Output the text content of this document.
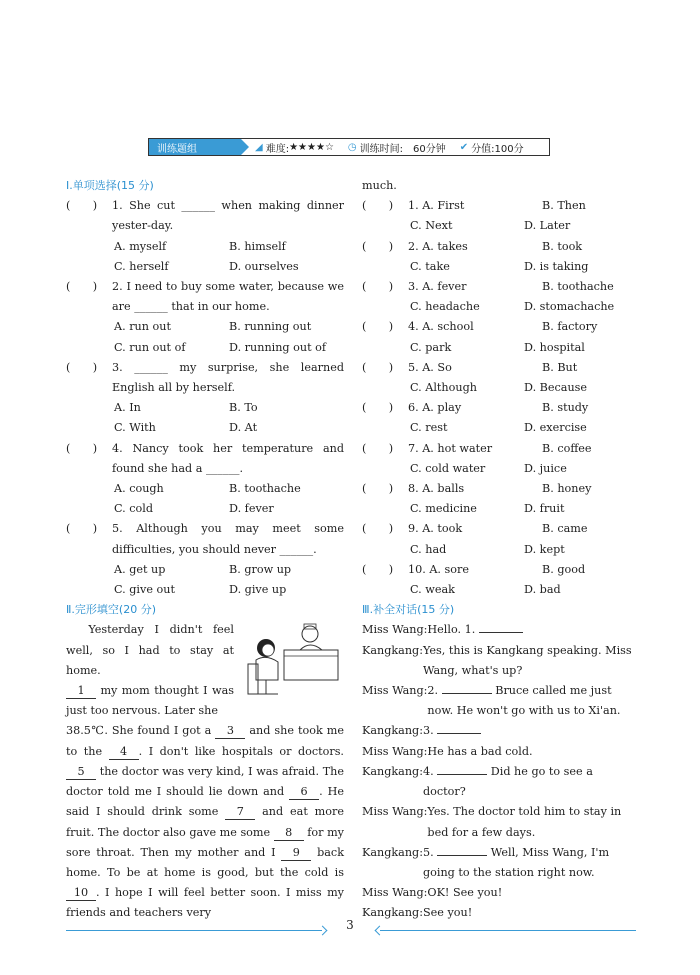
训练题组	◢ 难度: ★★★★☆ ◷ 训练时间: 60分钟 ✔ 分值: 100分
Ⅰ.单项选择(15 分)
(　　)	1. She cut ______ when making dinner yester-day.
A. myself	B. himself
C. herself	D. ourselves
(　　)	2. I need to buy some water, because we are ______ that in our home.
A. run out	B. running out
C. run out of	D. running out of
(　　)	3. ______ my surprise, she learned English all by herself.
A. In	B. To
C. With	D. At
(　　)	4. Nancy took her temperature and found she had a ______.
A. cough	B. toothache
C. cold	D. fever
(　　)	5. Although you may meet some difficulties, you should never ______.
A. get up	B. grow up
C. give out	D. give up
Ⅱ.完形填空(20 分)
Yesterday I didn't feel well, so I had to stay at home.
1 my mom thought I was just too nervous. Later she
38.5℃. She found I got a 3 and she took me to the 4 . I don't like hospitals or doctors. 5 the doctor was very kind, I was afraid. The doctor told me I should lie down and 6 . He said I should drink some 7 and eat more fruit. The doctor also gave me some 8 for my sore throat. Then my mother and I 9 back home. To be at home is good, but the cold is 10 . I hope I will feel better soon. I miss my friends and teachers very
much.
(　　)	1. A. First	B. Then
C. Next	D. Later
(　　)	2. A. takes	B. took
C. take	D. is taking
(　　)	3. A. fever	B. toothache
C. headache	D. stomachache
(　　)	4. A. school	B. factory
C. park	D. hospital
(　　)	5. A. So	B. But
C. Although	D. Because
(　　)	6. A. play	B. study
C. rest	D. exercise
(　　)	7. A. hot water	B. coffee
C. cold water	D. juice
(　　)	8. A. balls	B. honey
C. medicine	D. fruit
(　　)	9. A. took	B. came
C. had	D. kept
(　　)	10. A. sore	B. good
C. weak	D. bad
Ⅲ.补全对话(15 分)
Miss Wang: Hello. 1.
Kangkang: Yes, this is Kangkang speaking. Miss Wang, what's up?
Miss Wang: 2.	Bruce called me just now. He won't go with us to Xi'an.
Kangkang: 3.
Miss Wang: He has a bad cold.
Kangkang: 4.	Did he go to see a doctor?
Miss Wang: Yes. The doctor told him to stay in bed for a few days.
Kangkang: 5.	Well, Miss Wang, I'm going to the station right now.
Miss Wang: OK! See you!
Kangkang: See you!
3
